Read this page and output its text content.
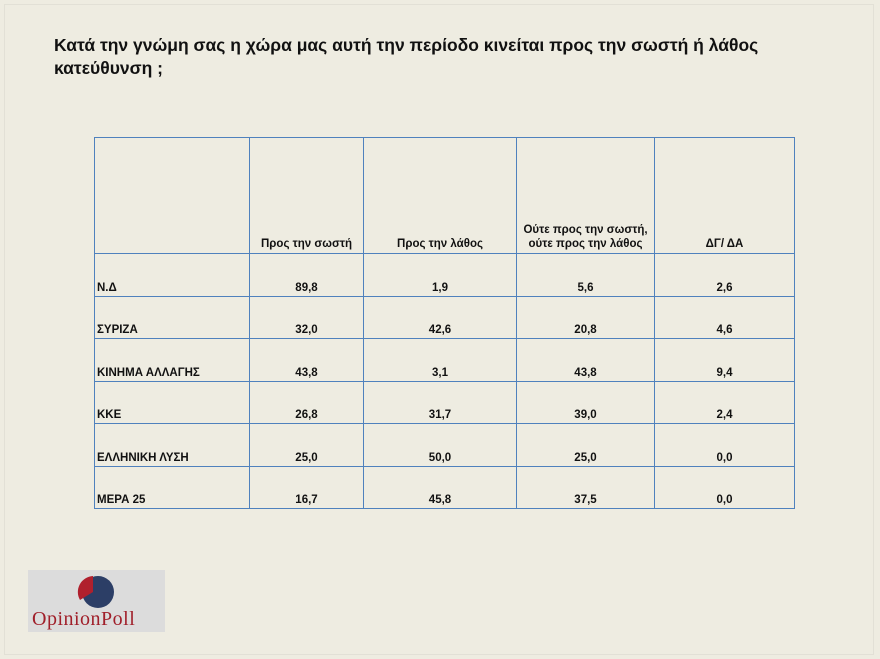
Κατά την γνώμη σας η χώρα μας αυτή την περίοδο κινείται προς την σωστή ή λάθος κατεύθυνση ;
	Προς την σωστή	Προς την λάθος	Ούτε προς την σωστή, ούτε προς την λάθος	ΔΓ/ ΔΑ
Ν.Δ	89,8	1,9	5,6	2,6
ΣΥΡΙΖΑ	32,0	42,6	20,8	4,6
ΚΙΝΗΜΑ ΑΛΛΑΓΗΣ	43,8	3,1	43,8	9,4
ΚΚΕ	26,8	31,7	39,0	2,4
ΕΛΛΗΝΙΚΗ ΛΥΣΗ	25,0	50,0	25,0	0,0
ΜΕΡΑ 25	16,7	45,8	37,5	0,0
OpinionPoll
